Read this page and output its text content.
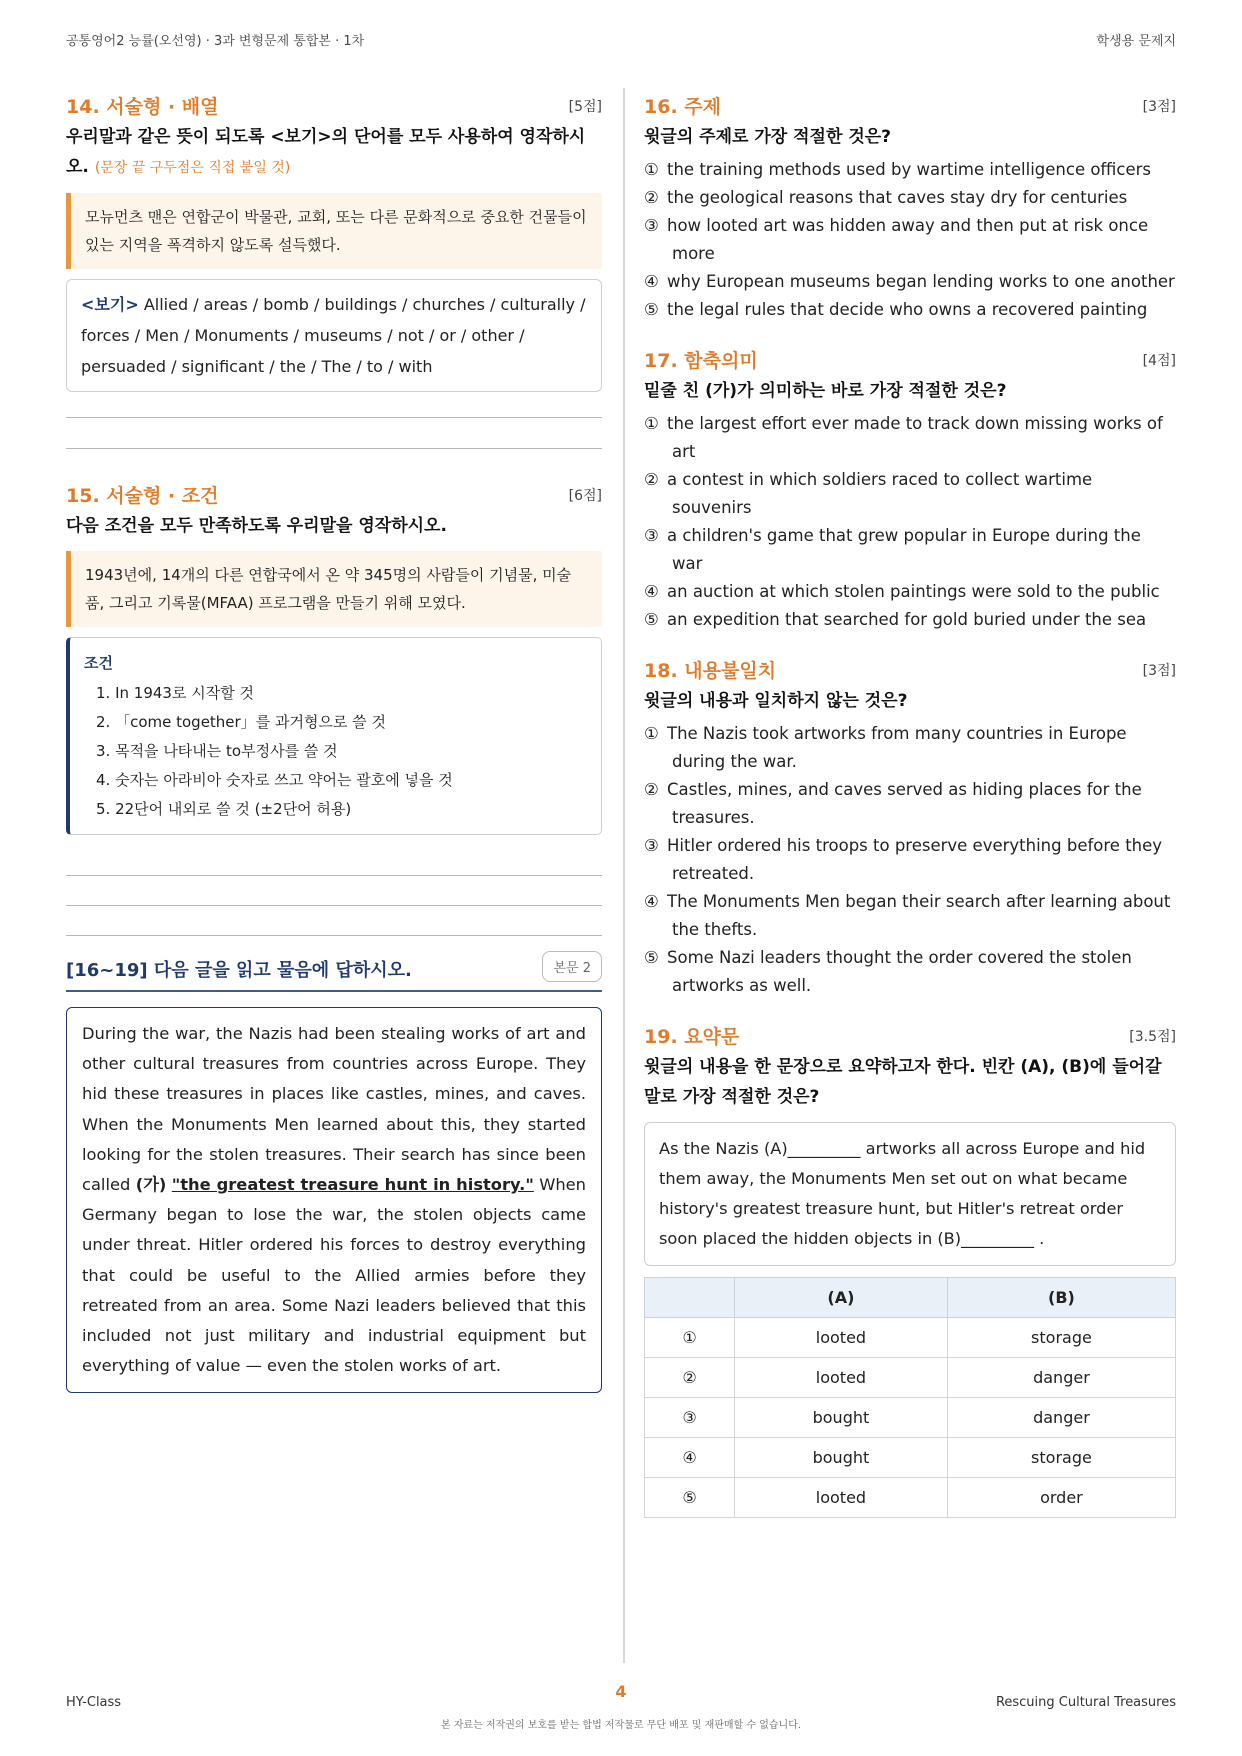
공통영어2 능률(오선영) · 3과 변형문제 통합본 · 1차	학생용 문제지
14. 서술형 · 배열	[5점]
우리말과 같은 뜻이 되도록 <보기>의 단어를 모두 사용하여 영작하시오. (문장 끝 구두점은 직접 붙일 것)
모뉴먼츠 맨은 연합군이 박물관, 교회, 또는 다른 문화적으로 중요한 건물들이 있는 지역을 폭격하지 않도록 설득했다.
<보기> Allied / areas / bomb / buildings / churches / culturally / forces / Men / Monuments / museums / not / or / other / persuaded / significant / the / The / to / with
15. 서술형 · 조건	[6점]
다음 조건을 모두 만족하도록 우리말을 영작하시오.
1943년에, 14개의 다른 연합국에서 온 약 345명의 사람들이 기념물, 미술품, 그리고 기록물(MFAA) 프로그램을 만들기 위해 모였다.
조건
1. In 1943로 시작할 것
2. 「come together」를 과거형으로 쓸 것
3. 목적을 나타내는 to부정사를 쓸 것
4. 숫자는 아라비아 숫자로 쓰고 약어는 괄호에 넣을 것
5. 22단어 내외로 쓸 것 (±2단어 허용)
[16~19] 다음 글을 읽고 물음에 답하시오.	본문 2
During the war, the Nazis had been stealing works of art and other cultural treasures from countries across Europe. They hid these treasures in places like castles, mines, and caves. When the Monuments Men learned about this, they started looking for the stolen treasures. Their search has since been called (가) "the greatest treasure hunt in history." When Germany began to lose the war, the stolen objects came under threat. Hitler ordered his forces to destroy everything that could be useful to the Allied armies before they retreated from an area. Some Nazi leaders believed that this included not just military and industrial equipment but everything of value — even the stolen works of art.
16. 주제	[3점]
윗글의 주제로 가장 적절한 것은?
① the training methods used by wartime intelligence officers
② the geological reasons that caves stay dry for centuries
③ how looted art was hidden away and then put at risk once more
④ why European museums began lending works to one another
⑤ the legal rules that decide who owns a recovered painting
17. 함축의미	[4점]
밑줄 친 (가)가 의미하는 바로 가장 적절한 것은?
① the largest effort ever made to track down missing works of art
② a contest in which soldiers raced to collect wartime souvenirs
③ a children's game that grew popular in Europe during the war
④ an auction at which stolen paintings were sold to the public
⑤ an expedition that searched for gold buried under the sea
18. 내용불일치	[3점]
윗글의 내용과 일치하지 않는 것은?
① The Nazis took artworks from many countries in Europe during the war.
② Castles, mines, and caves served as hiding places for the treasures.
③ Hitler ordered his troops to preserve everything before they retreated.
④ The Monuments Men began their search after learning about the thefts.
⑤ Some Nazi leaders thought the order covered the stolen artworks as well.
19. 요약문	[3.5점]
윗글의 내용을 한 문장으로 요약하고자 한다. 빈칸 (A), (B)에 들어갈 말로 가장 적절한 것은?
As the Nazis (A)_________ artworks all across Europe and hid them away, the Monuments Men set out on what became history's greatest treasure hunt, but Hitler's retreat order soon placed the hidden objects in (B)_________ .
	(A)	(B)
①	looted	storage
②	looted	danger
③	bought	danger
④	bought	storage
⑤	looted	order
HY-Class
4
Rescuing Cultural Treasures
본 자료는 저작권의 보호를 받는 합법 저작물로 무단 배포 및 재판매할 수 없습니다.
